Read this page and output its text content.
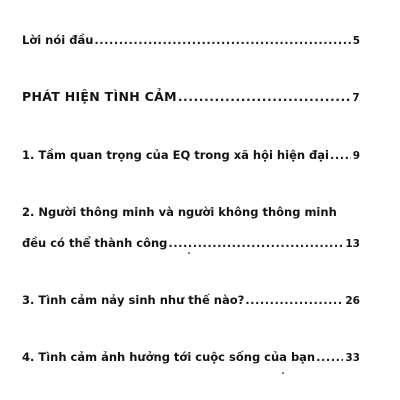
Lời nói đầu .....	5
PHÁT HIỆN TÌNH CẢM .....	7
1. Tầm quan trọng của EQ trong xã hội hiện đại ..... 9
2. Người thông minh và người không thông minh
đều có thể thành công .....	13
3. Tình cảm nảy sinh như thế nào? .....	26
4. Tình cảm ảnh hưởng tới cuộc sống của bạn .....	33
